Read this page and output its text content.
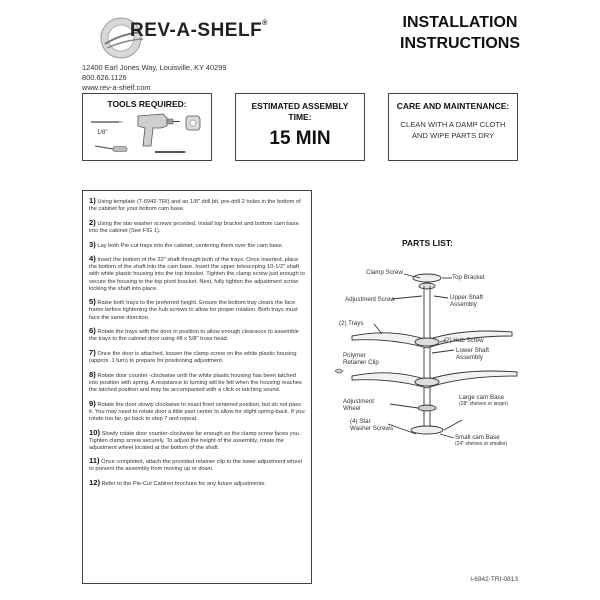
REV-A-SHELF®
12400 Earl Jones Way, Louisville, KY 40299
800.626.1126
www.rev-a-shelf.com
INSTALLATION
INSTRUCTIONS
TOOLS REQUIRED:
1/8"
ESTIMATED ASSEMBLY
TIME:
15 MIN
CARE AND MAINTENANCE:
CLEAN WITH A DAMP CLOTH AND WIPE PARTS DRY
1) Using template (T-6942-TRI) and an 1/8" drill bit, pre-drill 2 holes in the bottom of the cabinet for your bottom cam base.
2) Using the star washer screws provided, install top bracket and bottom cam base into the cabinet (See FIG 1).
3) Lay both Pie-cut trays into the cabinet, centering them over the cam base.
4) Insert the bottom of the 22" shaft through both of the trays. Once inserted, place the bottom of the shaft into the cam base. Insert the upper telescoping 10-1/2" shaft with white plastic housing into the top bracket. Tighten the clamp screw just enough to secure the housing to the top pivot bracket. Next, fully tighten the adjustment screw locking the shaft into place.
5) Raise both trays to the preferred height. Ensure the bottom tray clears the face frame before tightening the hub screws to allow for proper rotation. Both trays must face the same direction.
6) Rotate the trays with the door in position to allow enough clearance to assemble the trays to the cabinet door using #8 x 5/8" truss head.
7) Once the door is attached, loosen the clamp screw on the white plastic housing (approx. 1 turn) to prepare for positioning adjustment.
8) Rotate door counter -clockwise until the white plastic housing has been latched into position with spring. A resistance to turning will be felt when the housing reaches the latched position and may be accompanied with a click or latching sound.
9) Rotate the door slowly clockwise to exact front centered position, but do not pass it. You may need to rotate door a little past center to allow for slight spring-back. If you rotate too far, go back to step 7 and repeat.
10) Slowly rotate door counter-clockwise far enough so the clamp screw faces you. Tighten clamp screw securely. To adjust the height of the assembly, rotate the adjustment wheel located at the bottom of the shaft.
11) Once completed, attach the provided retainer clip to the lower adjustment wheel to prevent the assembly from moving up or down.
12) Refer to the Pie-Cut Cabinet brochure for any future adjustments.
PARTS LIST:
Clamp Screw
Top Bracket
Adjustment Screw	Upper Shaft
Assembly
(2) Trays
(2) Hub Screw
Lower Shaft
Assembly
Polymer
Retainer Clip
Adjustment
Wheel
Large cam Base
(28" shelves or larger)
(4) Star
Washer Screws
Small cam Base
(24" shelves or smaller)
I-6942-TRI-0813
